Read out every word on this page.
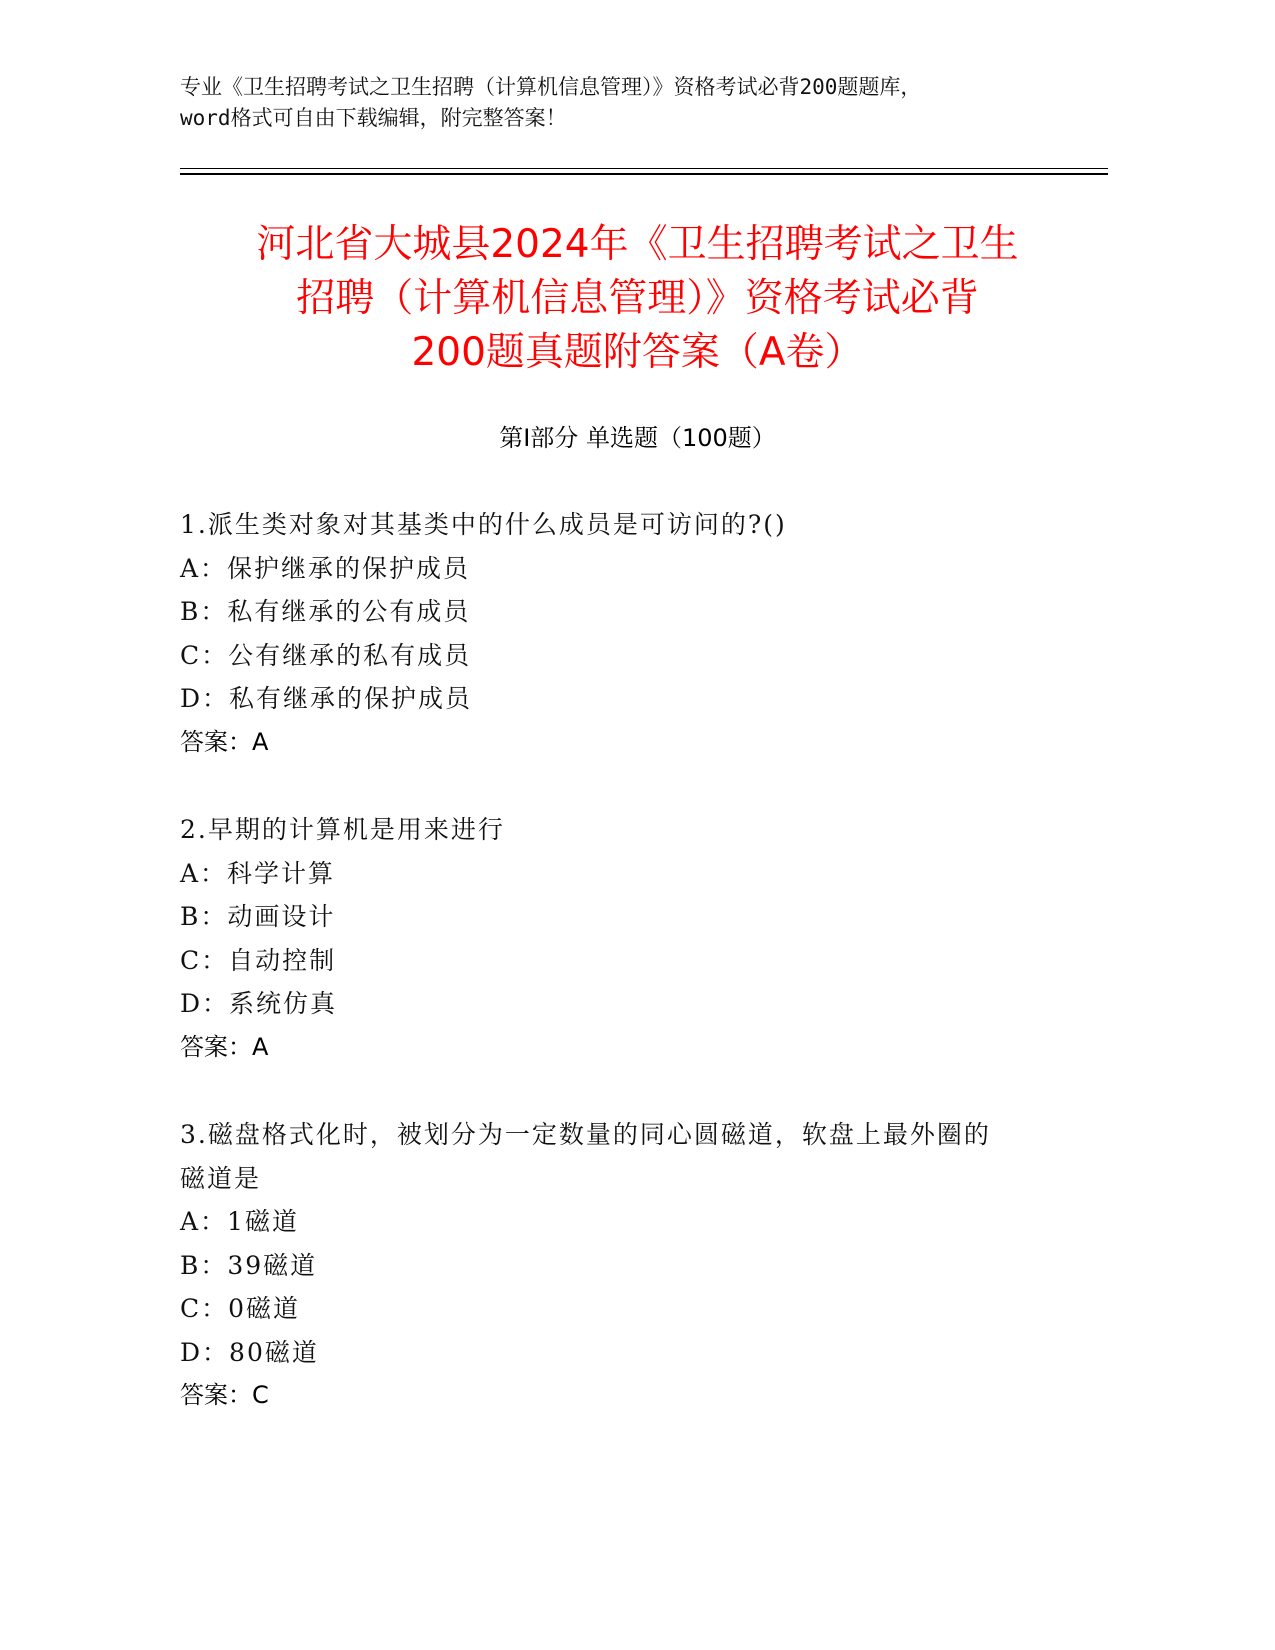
专业《卫生招聘考试之卫生招聘（计算机信息管理）》资格考试必背200题题库，
word格式可自由下载编辑，附完整答案！
河北省大城县2024年《卫生招聘考试之卫生
招聘（计算机信息管理）》资格考试必背
200题真题附答案（A卷）
第Ⅰ部分 单选题（100题）
1.派生类对象对其基类中的什么成员是可访问的?()
A：保护继承的保护成员
B：私有继承的公有成员
C：公有继承的私有成员
D：私有继承的保护成员
答案：A
2.早期的计算机是用来进行
A：科学计算
B：动画设计
C：自动控制
D：系统仿真
答案：A
3.磁盘格式化时，被划分为一定数量的同心圆磁道，软盘上最外圈的
磁道是
A：1磁道
B：39磁道
C：0磁道
D：80磁道
答案：C
